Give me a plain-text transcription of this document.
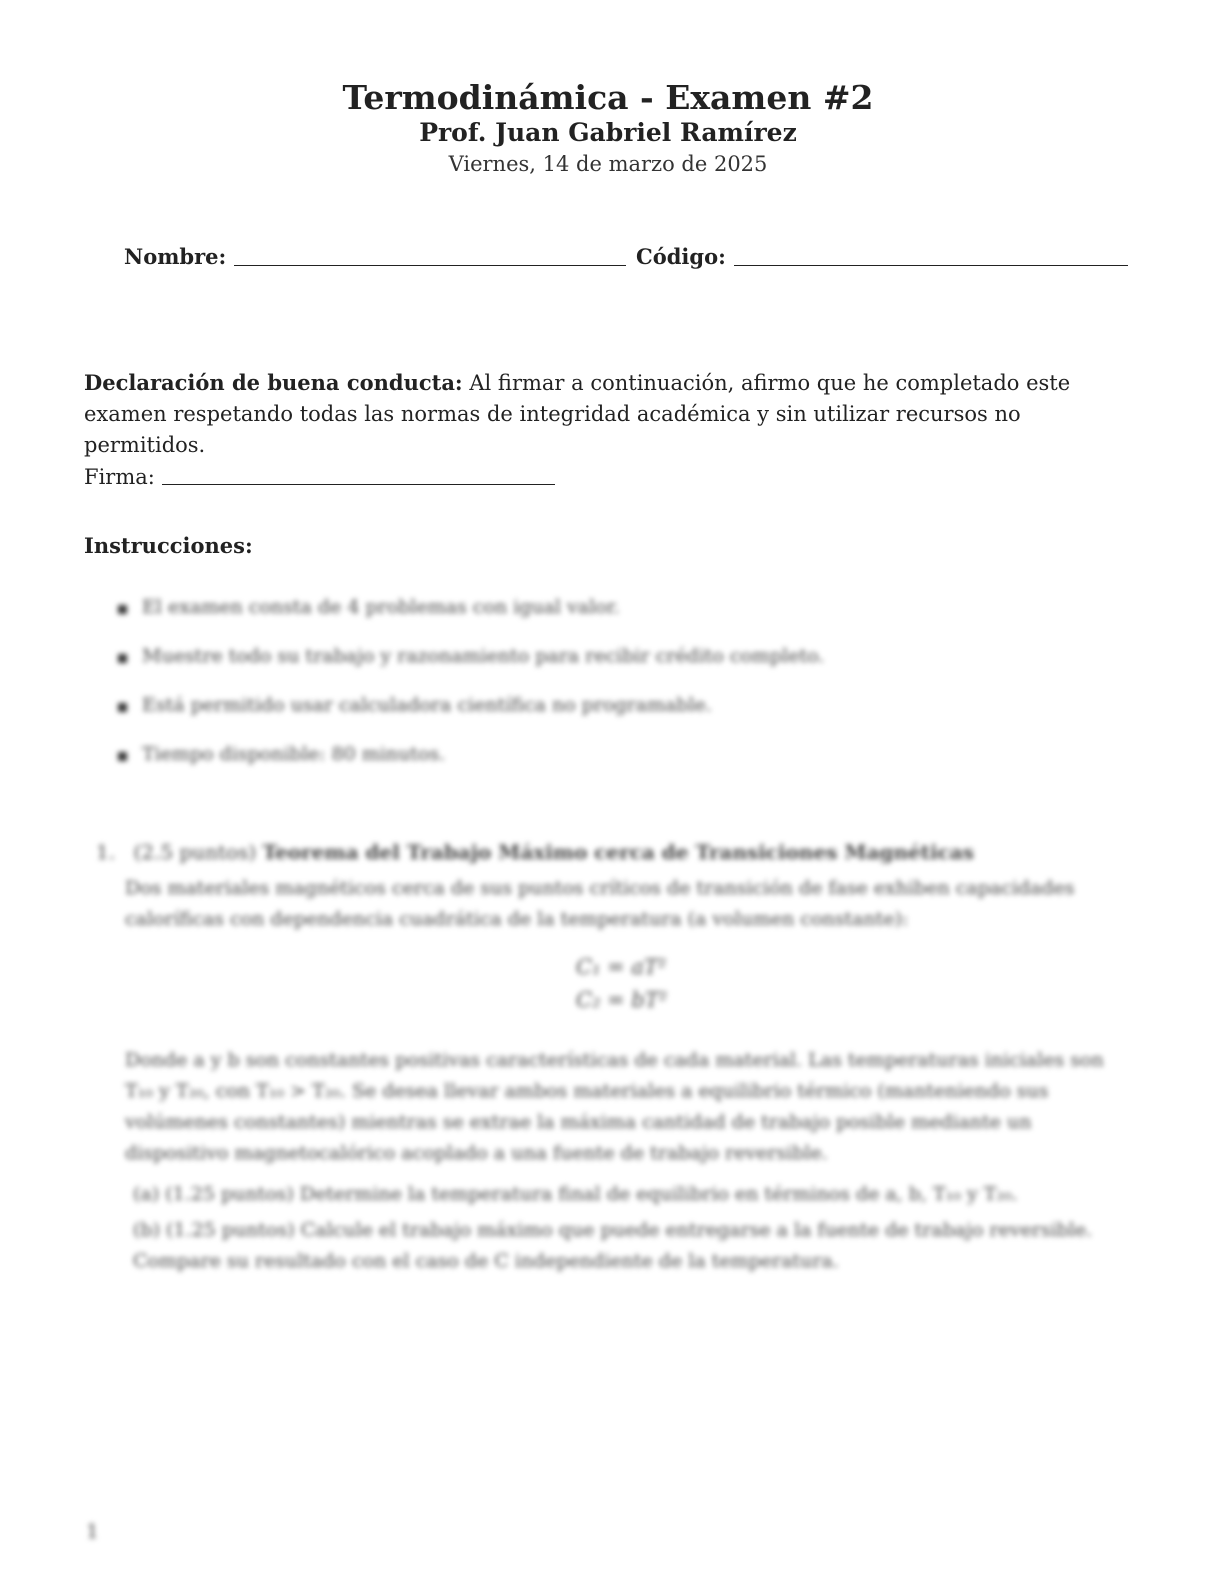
Termodinámica - Examen #2
Prof. Juan Gabriel Ramírez
Viernes, 14 de marzo de 2025
Nombre:	Código:
Declaración de buena conducta: Al firmar a continuación, afirmo que he completado este examen respetando todas las normas de integridad académica y sin utilizar recursos no permitidos.
Firma:
Instrucciones:
El examen consta de 4 problemas con igual valor.
Muestre todo su trabajo y razonamiento para recibir crédito completo.
Está permitido usar calculadora científica no programable.
Tiempo disponible: 80 minutos.
1. (2.5 puntos) Teorema del Trabajo Máximo cerca de Transiciones Magnéticas
Dos materiales magnéticos cerca de sus puntos críticos de transición de fase exhiben capacidades caloríficas con dependencia cuadrática de la temperatura (a volumen constante):
C₁ = aT²
C₂ = bT²
Donde a y b son constantes positivas características de cada material. Las temperaturas iniciales son T₁₀ y T₂₀, con T₁₀ > T₂₀. Se desea llevar ambos materiales a equilibrio térmico (manteniendo sus volúmenes constantes) mientras se extrae la máxima cantidad de trabajo posible mediante un dispositivo magnetocalórico acoplado a una fuente de trabajo reversible.
(a) (1.25 puntos) Determine la temperatura final de equilibrio en términos de a, b, T₁₀ y T₂₀.
(b) (1.25 puntos) Calcule el trabajo máximo que puede entregarse a la fuente de trabajo reversible. Compare su resultado con el caso de C independiente de la temperatura.
1
